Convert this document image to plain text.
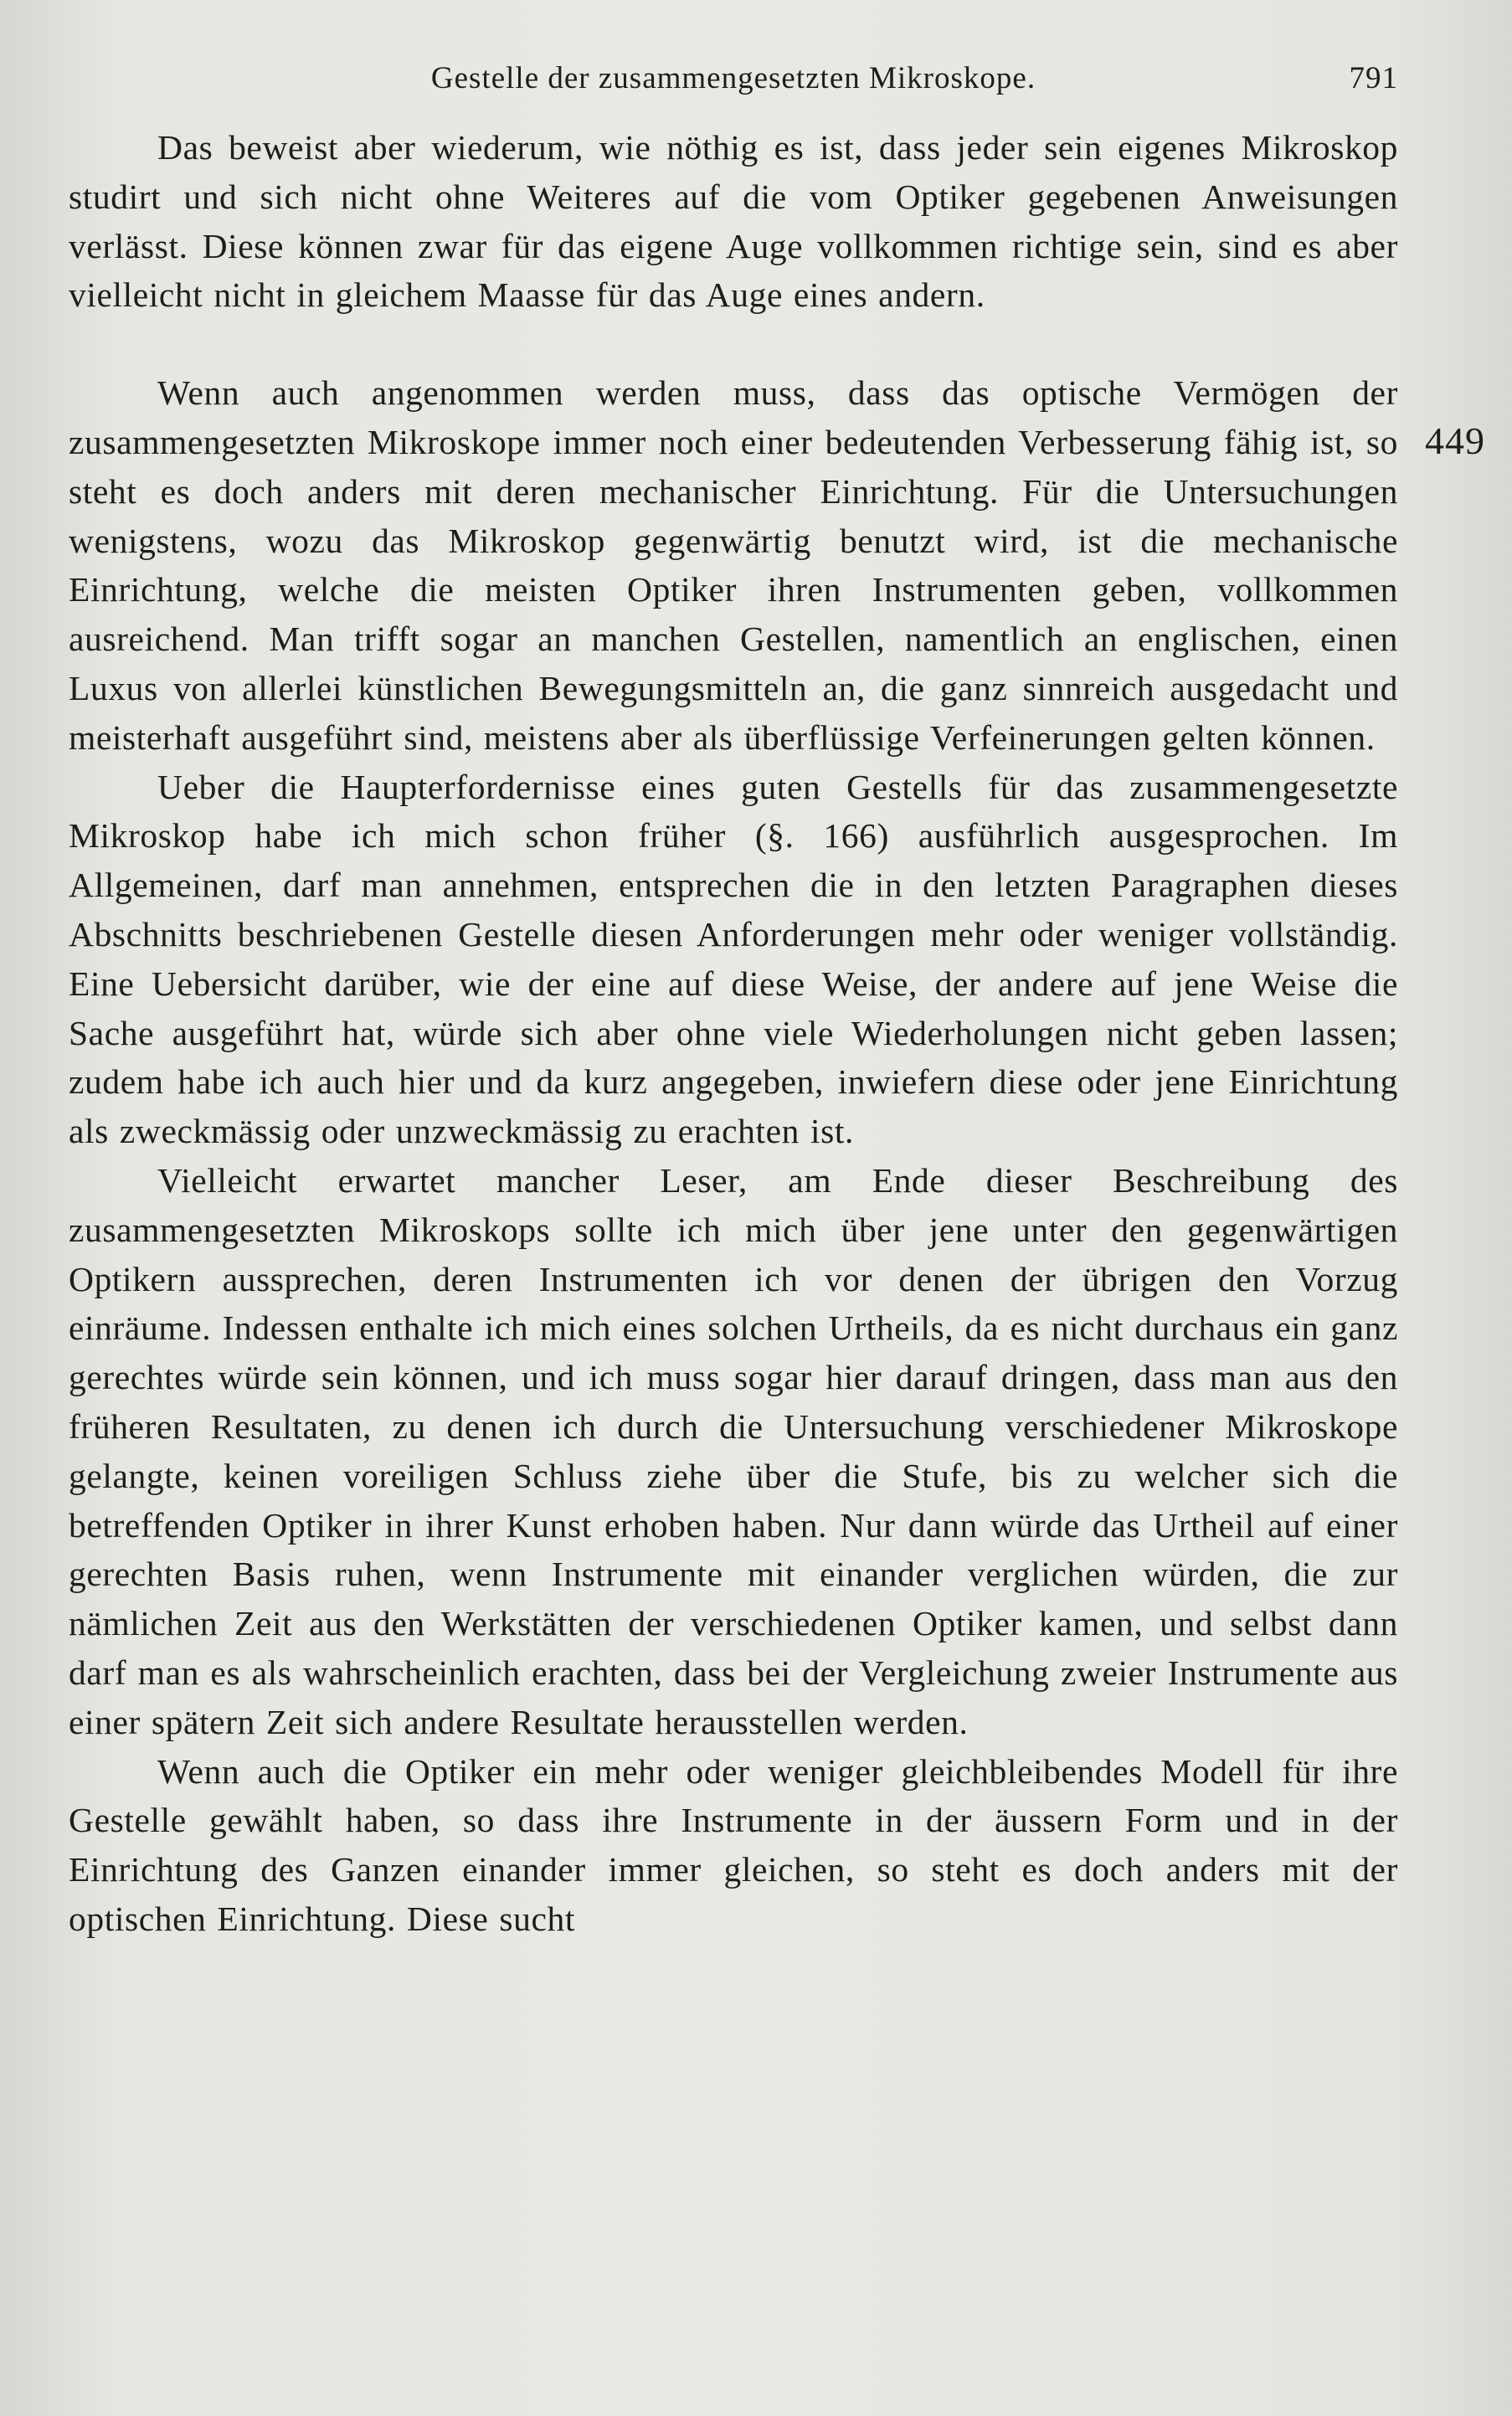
Gestelle der zusammengesetzten Mikroskope.	791
449

Das beweist aber wiederum, wie nöthig es ist, dass jeder sein eigenes Mikroskop studirt und sich nicht ohne Weiteres auf die vom Optiker gegebenen Anweisungen verlässt. Diese können zwar für das eigene Auge vollkommen richtige sein, sind es aber vielleicht nicht in gleichem Maasse für das Auge eines andern.

Wenn auch angenommen werden muss, dass das optische Vermögen der zusammengesetzten Mikroskope immer noch einer bedeutenden Verbesserung fähig ist, so steht es doch anders mit deren mechanischer Einrichtung. Für die Untersuchungen wenigstens, wozu das Mikroskop gegenwärtig benutzt wird, ist die mechanische Einrichtung, welche die meisten Optiker ihren Instrumenten geben, vollkommen ausreichend. Man trifft sogar an manchen Gestellen, namentlich an englischen, einen Luxus von allerlei künstlichen Bewegungsmitteln an, die ganz sinnreich ausgedacht und meisterhaft ausgeführt sind, meistens aber als überflüssige Verfeinerungen gelten können.

Ueber die Haupterfordernisse eines guten Gestells für das zusammengesetzte Mikroskop habe ich mich schon früher (§. 166) ausführlich ausgesprochen. Im Allgemeinen, darf man annehmen, entsprechen die in den letzten Paragraphen dieses Abschnitts beschriebenen Gestelle diesen Anforderungen mehr oder weniger vollständig. Eine Uebersicht darüber, wie der eine auf diese Weise, der andere auf jene Weise die Sache ausgeführt hat, würde sich aber ohne viele Wiederholungen nicht geben lassen; zudem habe ich auch hier und da kurz angegeben, inwiefern diese oder jene Einrichtung als zweckmässig oder unzweckmässig zu erachten ist.

Vielleicht erwartet mancher Leser, am Ende dieser Beschreibung des zusammengesetzten Mikroskops sollte ich mich über jene unter den gegenwärtigen Optikern aussprechen, deren Instrumenten ich vor denen der übrigen den Vorzug einräume. Indessen enthalte ich mich eines solchen Urtheils, da es nicht durchaus ein ganz gerechtes würde sein können, und ich muss sogar hier darauf dringen, dass man aus den früheren Resultaten, zu denen ich durch die Untersuchung verschiedener Mikroskope gelangte, keinen voreiligen Schluss ziehe über die Stufe, bis zu welcher sich die betreffenden Optiker in ihrer Kunst erhoben haben. Nur dann würde das Urtheil auf einer gerechten Basis ruhen, wenn Instrumente mit einander verglichen würden, die zur nämlichen Zeit aus den Werkstätten der verschiedenen Optiker kamen, und selbst dann darf man es als wahrscheinlich erachten, dass bei der Vergleichung zweier Instrumente aus einer spätern Zeit sich andere Resultate herausstellen werden.

Wenn auch die Optiker ein mehr oder weniger gleichbleibendes Modell für ihre Gestelle gewählt haben, so dass ihre Instrumente in der äussern Form und in der Einrichtung des Ganzen einander immer gleichen, so steht es doch anders mit der optischen Einrichtung. Diese sucht
